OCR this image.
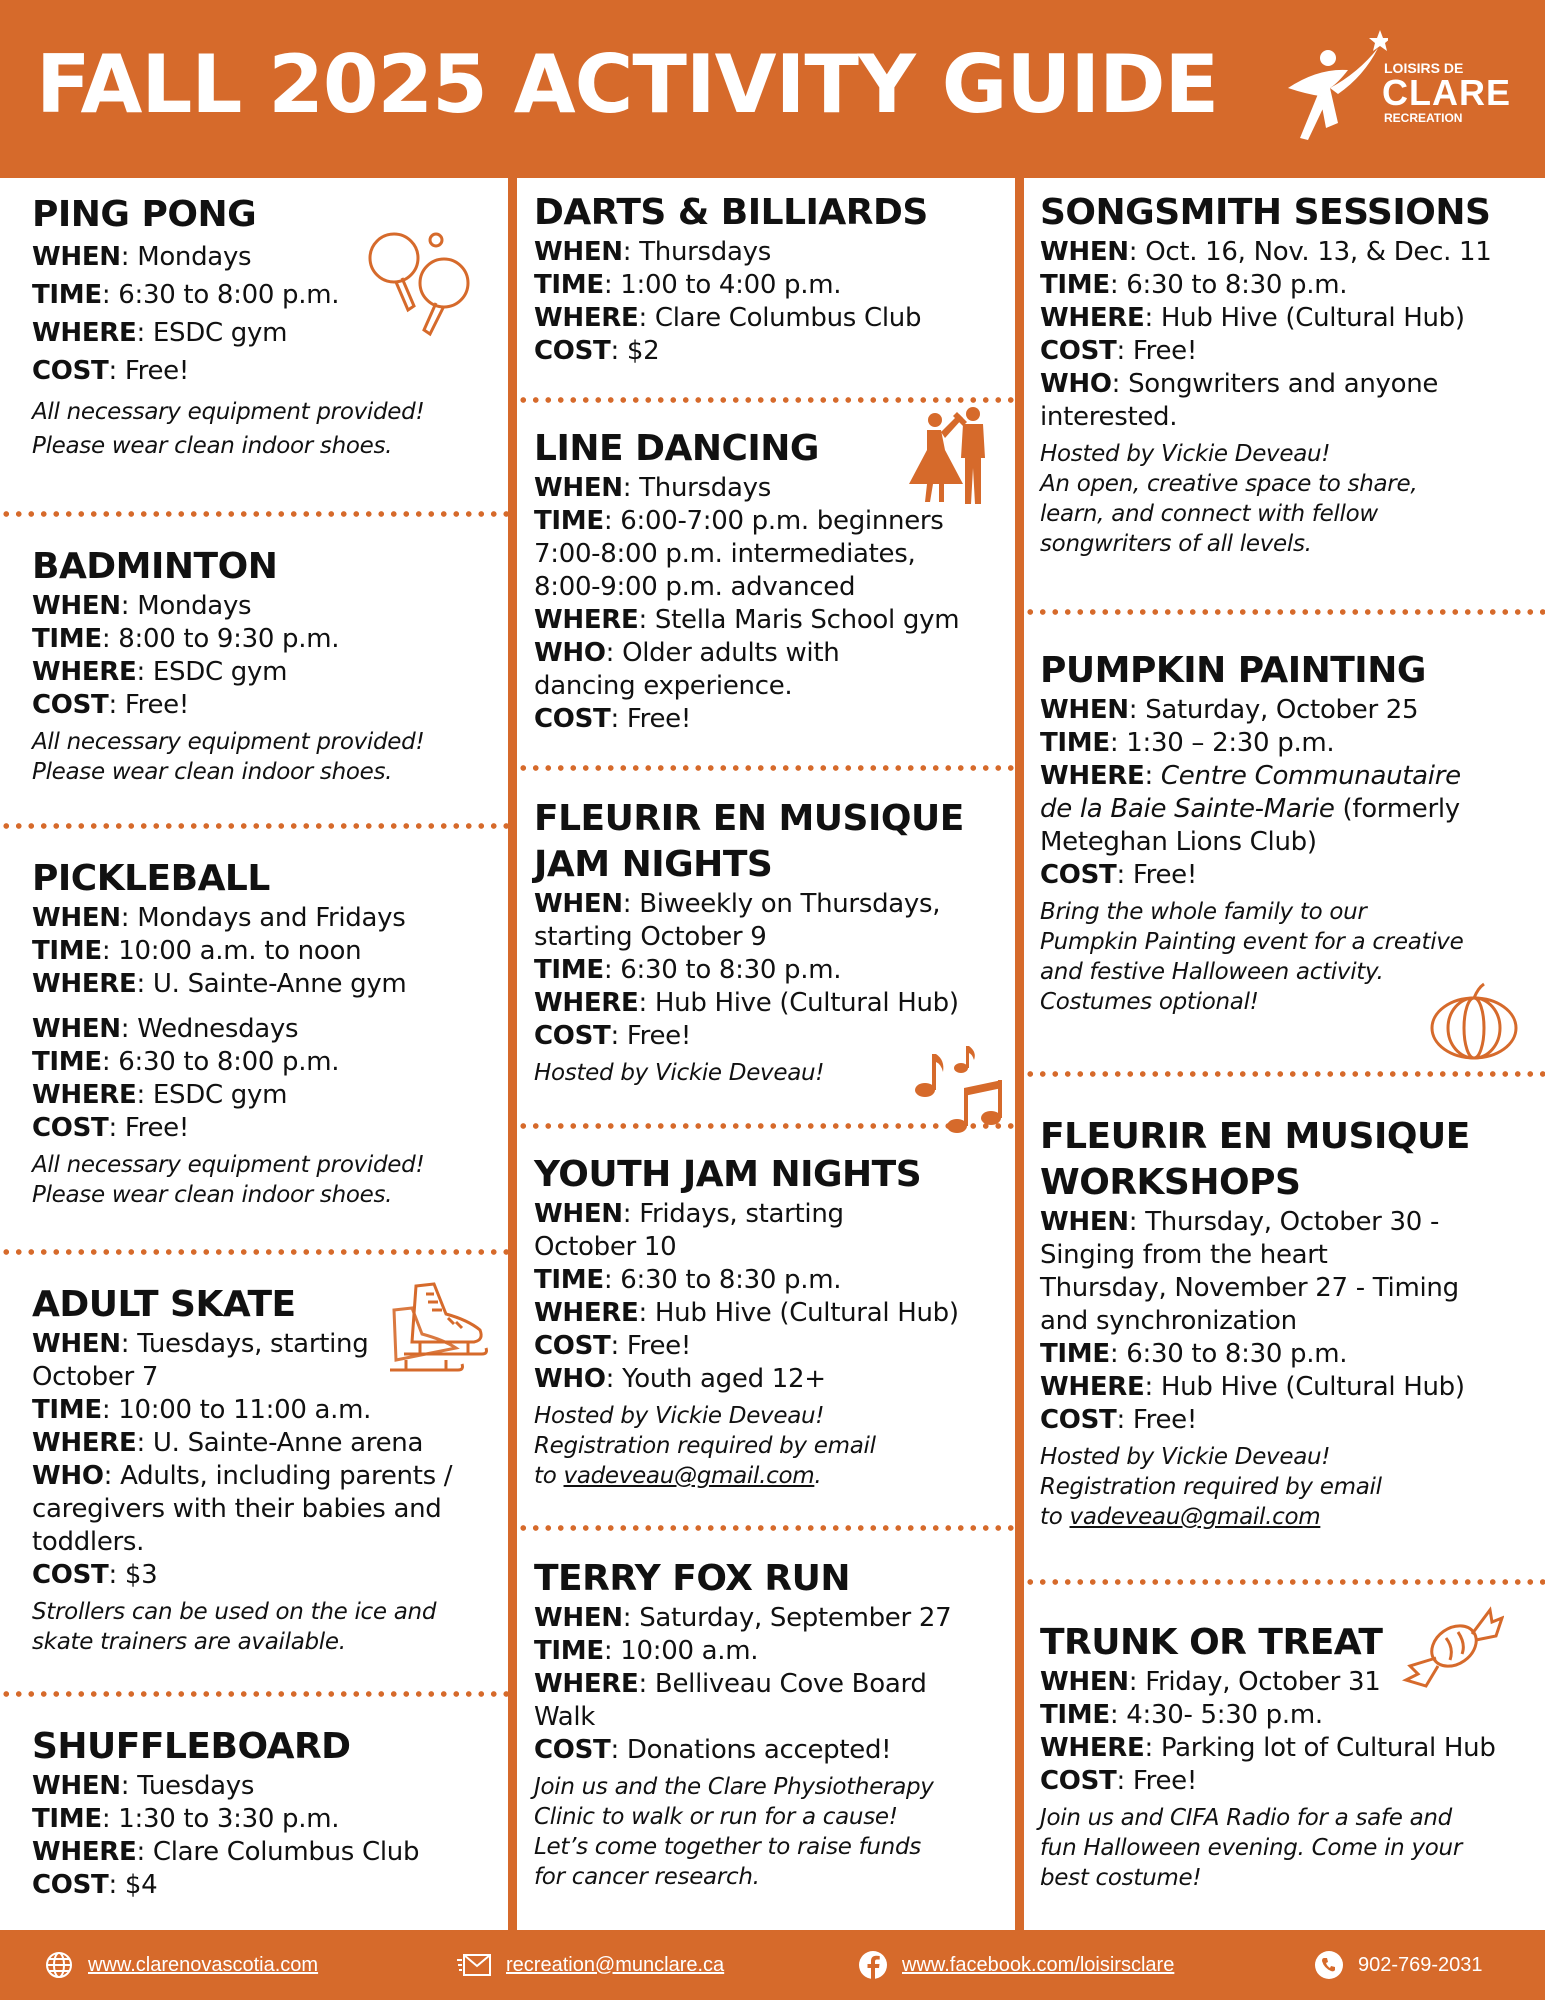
FALL 2025 ACTIVITY GUIDE	LOISIRS DE
CLARE
RECREATION
PING PONG
WHEN: Mondays
TIME: 6:30 to 8:00 p.m.
WHERE: ESDC gym
COST: Free!
All necessary equipment provided!
Please wear clean indoor shoes.
BADMINTON
WHEN: Mondays
TIME: 8:00 to 9:30 p.m.
WHERE: ESDC gym
COST: Free!
All necessary equipment provided!
Please wear clean indoor shoes.
PICKLEBALL
WHEN: Mondays and Fridays
TIME: 10:00 a.m. to noon
WHERE: U. Sainte-Anne gym
WHEN: Wednesdays
TIME: 6:30 to 8:00 p.m.
WHERE: ESDC gym
COST: Free!
All necessary equipment provided!
Please wear clean indoor shoes.
ADULT SKATE
WHEN: Tuesdays, starting
October 7
TIME: 10:00 to 11:00 a.m.
WHERE: U. Sainte-Anne arena
WHO: Adults, including parents /
caregivers with their babies and
toddlers.
COST: $3
Strollers can be used on the ice and
skate trainers are available.
SHUFFLEBOARD
WHEN: Tuesdays
TIME: 1:30 to 3:30 p.m.
WHERE: Clare Columbus Club
COST: $4
DARTS & BILLIARDS
WHEN: Thursdays
TIME: 1:00 to 4:00 p.m.
WHERE: Clare Columbus Club
COST: $2
LINE DANCING
WHEN: Thursdays
TIME: 6:00-7:00 p.m. beginners
7:00-8:00 p.m. intermediates,
8:00-9:00 p.m. advanced
WHERE: Stella Maris School gym
WHO: Older adults with
dancing experience.
COST: Free!
FLEURIR EN MUSIQUE
JAM NIGHTS
WHEN: Biweekly on Thursdays,
starting October 9
TIME: 6:30 to 8:30 p.m.
WHERE: Hub Hive (Cultural Hub)
COST: Free!
Hosted by Vickie Deveau!
YOUTH JAM NIGHTS
WHEN: Fridays, starting
October 10
TIME: 6:30 to 8:30 p.m.
WHERE: Hub Hive (Cultural Hub)
COST: Free!
WHO: Youth aged 12+
Hosted by Vickie Deveau!
Registration required by email
to vadeveau@gmail.com.
TERRY FOX RUN
WHEN: Saturday, September 27
TIME: 10:00 a.m.
WHERE: Belliveau Cove Board
Walk
COST: Donations accepted!
Join us and the Clare Physiotherapy
Clinic to walk or run for a cause!
Let’s come together to raise funds
for cancer research.
SONGSMITH SESSIONS
WHEN: Oct. 16, Nov. 13, & Dec. 11
TIME: 6:30 to 8:30 p.m.
WHERE: Hub Hive (Cultural Hub)
COST: Free!
WHO: Songwriters and anyone
interested.
Hosted by Vickie Deveau!
An open, creative space to share,
learn, and connect with fellow
songwriters of all levels.
PUMPKIN PAINTING
WHEN: Saturday, October 25
TIME: 1:30 – 2:30 p.m.
WHERE: Centre Communautaire
de la Baie Sainte-Marie (formerly
Meteghan Lions Club)
COST: Free!
Bring the whole family to our
Pumpkin Painting event for a creative
and festive Halloween activity.
Costumes optional!
FLEURIR EN MUSIQUE
WORKSHOPS
WHEN: Thursday, October 30 -
Singing from the heart
Thursday, November 27 - Timing
and synchronization
TIME: 6:30 to 8:30 p.m.
WHERE: Hub Hive (Cultural Hub)
COST: Free!
Hosted by Vickie Deveau!
Registration required by email
to vadeveau@gmail.com
TRUNK OR TREAT
WHEN: Friday, October 31
TIME: 4:30- 5:30 p.m.
WHERE: Parking lot of Cultural Hub
COST: Free!
Join us and CIFA Radio for a safe and
fun Halloween evening. Come in your
best costume!
www.clarenovascotia.com	recreation@munclare.ca	www.facebook.com/loisirsclare	902-769-2031
